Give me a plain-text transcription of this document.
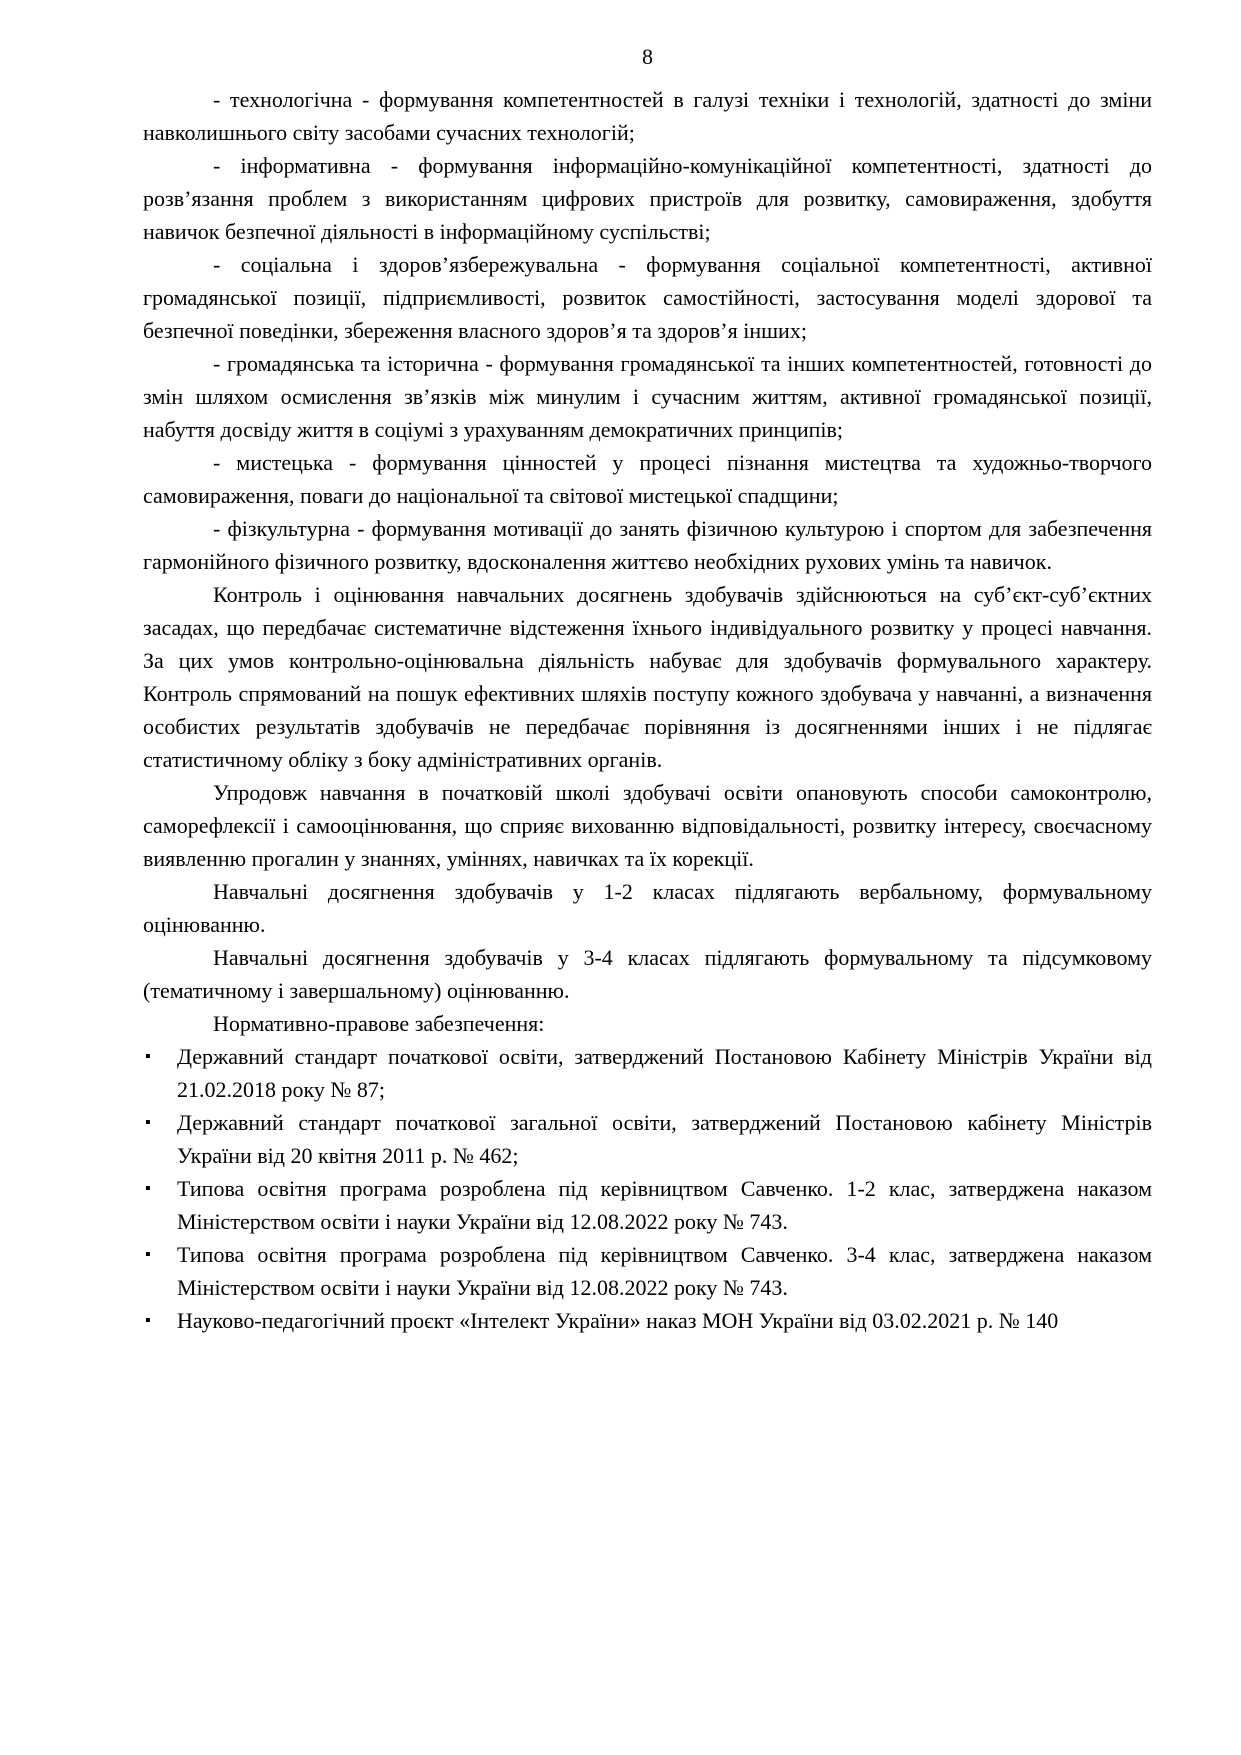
8

- технологічна - формування компетентностей в галузі техніки і технологій, здатності до зміни навколишнього світу засобами сучасних технологій;

- інформативна - формування інформаційно-комунікаційної компетентності, здатності до розв’язання проблем з використанням цифрових пристроїв для розвитку, самовираження, здобуття навичок безпечної діяльності в інформаційному суспільстві;

- соціальна і здоров’язбережувальна - формування соціальної компетентності, активної громадянської позиції, підприємливості, розвиток самостійності, застосування моделі здорової та безпечної поведінки, збереження власного здоров’я та здоров’я інших;

- громадянська та історична - формування громадянської та інших компетентностей, готовності до змін шляхом осмислення зв’язків між минулим і сучасним життям, активної громадянської позиції, набуття досвіду життя в соціумі з урахуванням демократичних принципів;

- мистецька - формування цінностей у процесі пізнання мистецтва та художньо-творчого самовираження, поваги до національної та світової мистецької спадщини;

- фізкультурна - формування мотивації до занять фізичною культурою і спортом для забезпечення гармонійного фізичного розвитку, вдосконалення життєво необхідних рухових умінь та навичок.

Контроль і оцінювання навчальних досягнень здобувачів здійснюються на суб’єкт-суб’єктних засадах, що передбачає систематичне відстеження їхнього індивідуального розвитку у процесі навчання. За цих умов контрольно-оцінювальна діяльність набуває для здобувачів формувального характеру. Контроль спрямований на пошук ефективних шляхів поступу кожного здобувача у навчанні, а визначення особистих результатів здобувачів не передбачає порівняння із досягненнями інших і не підлягає статистичному обліку з боку адміністративних органів.

Упродовж навчання в початковій школі здобувачі освіти опановують способи самоконтролю, саморефлексії і самооцінювання, що сприяє вихованню відповідальності, розвитку інтересу, своєчасному виявленню прогалин у знаннях, уміннях, навичках та їх корекції.

Навчальні досягнення здобувачів у 1-2 класах підлягають вербальному, формувальному оцінюванню.

Навчальні досягнення здобувачів у 3-4 класах підлягають формувальному та підсумковому (тематичному і завершальному) оцінюванню.

Нормативно-правове забезпечення:

▪ Державний стандарт початкової освіти, затверджений Постановою Кабінету Міністрів України від 21.02.2018 року № 87;
▪ Державний стандарт початкової загальної освіти, затверджений Постановою кабінету Міністрів України від 20 квітня 2011 р. № 462;
▪ Типова освітня програма розроблена під керівництвом Савченко. 1-2 клас, затверджена наказом Міністерством освіти і науки України від 12.08.2022 року № 743.
▪ Типова освітня програма розроблена під керівництвом Савченко. 3-4 клас, затверджена наказом Міністерством освіти і науки України від 12.08.2022 року № 743.
▪ Науково-педагогічний проєкт «Інтелект України» наказ МОН України від 03.02.2021 р. № 140
